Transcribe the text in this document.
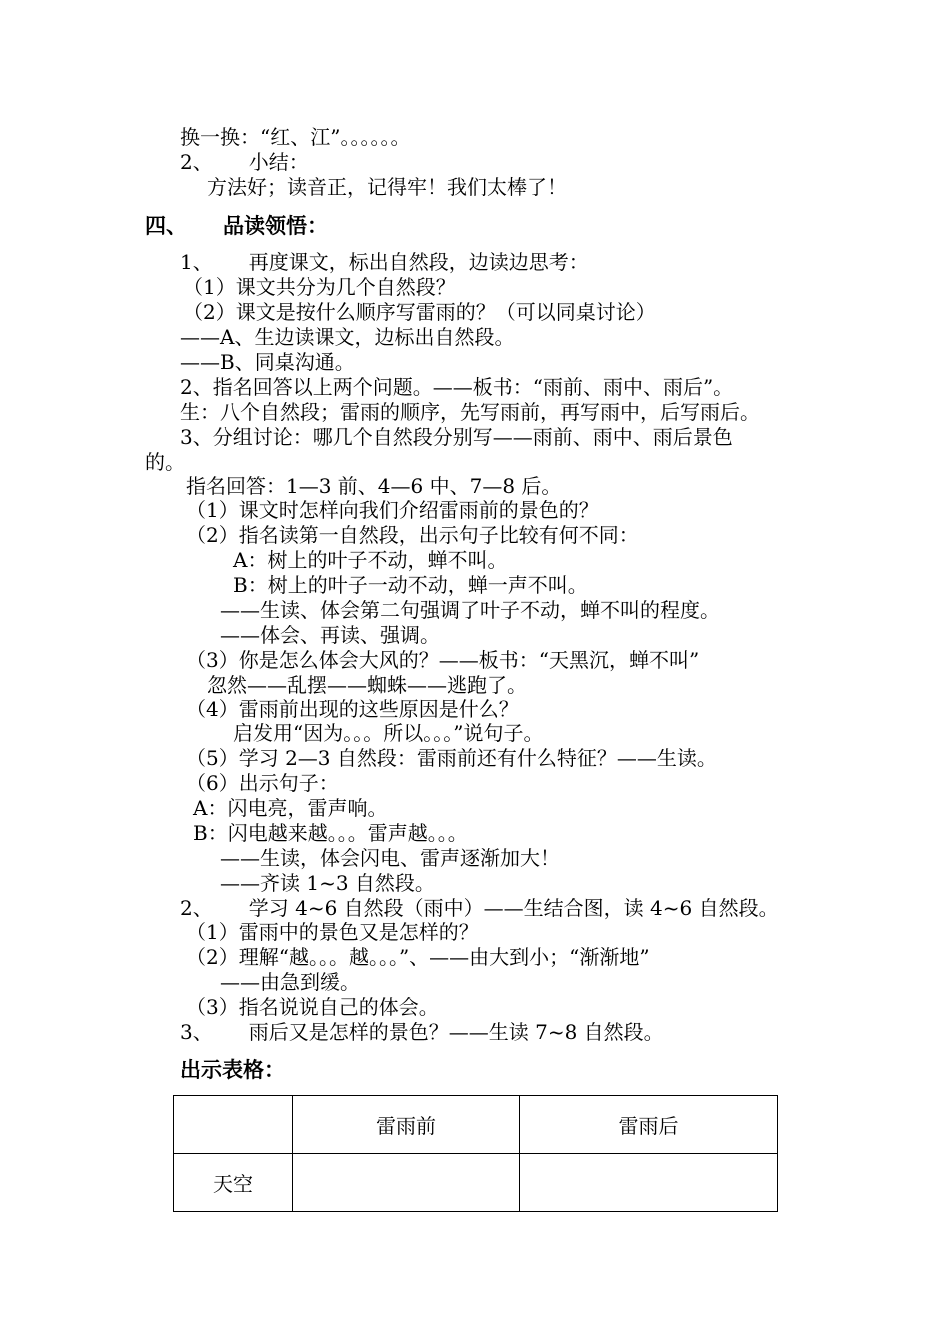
换一换：“红、江”。。。。。。
2、 小结：
方法好；读音正，记得牢！我们太棒了！
四、 品读领悟：
1、 再度课文，标出自然段，边读边思考：
（1）课文共分为几个自然段？
（2）课文是按什么顺序写雷雨的？（可以同桌讨论）
——A、生边读课文，边标出自然段。
——B、同桌沟通。
2、指名回答以上两个问题。——板书：“雨前、雨中、雨后”。
生：八个自然段；雷雨的顺序，先写雨前，再写雨中，后写雨后。
3、分组讨论：哪几个自然段分别写——雨前、雨中、雨后景色
的。
指名回答：1—3 前、4—6 中、7—8 后。
（1）课文时怎样向我们介绍雷雨前的景色的？
（2）指名读第一自然段，出示句子比较有何不同：
A：树上的叶子不动，蝉不叫。
B：树上的叶子一动不动，蝉一声不叫。
——生读、体会第二句强调了叶子不动，蝉不叫的程度。
——体会、再读、强调。
（3）你是怎么体会大风的？——板书：“天黑沉，蝉不叫”
忽然——乱摆——蜘蛛——逃跑了。
（4）雷雨前出现的这些原因是什么？
启发用“因为。。。所以。。。”说句子。
（5）学习 2—3 自然段：雷雨前还有什么特征？——生读。
（6）出示句子：
A：闪电亮，雷声响。
B：闪电越来越。。。雷声越。。。
——生读，体会闪电、雷声逐渐加大！
——齐读 1~3 自然段。
2、 学习 4~6 自然段（雨中）——生结合图，读 4~6 自然段。
（1）雷雨中的景色又是怎样的？
（2）理解“越。。。越。。。”、——由大到小；“渐渐地”
——由急到缓。
（3）指名说说自己的体会。
3、 雨后又是怎样的景色？——生读 7~8 自然段。
出示表格：
	雷雨前	雷雨后
天空		
